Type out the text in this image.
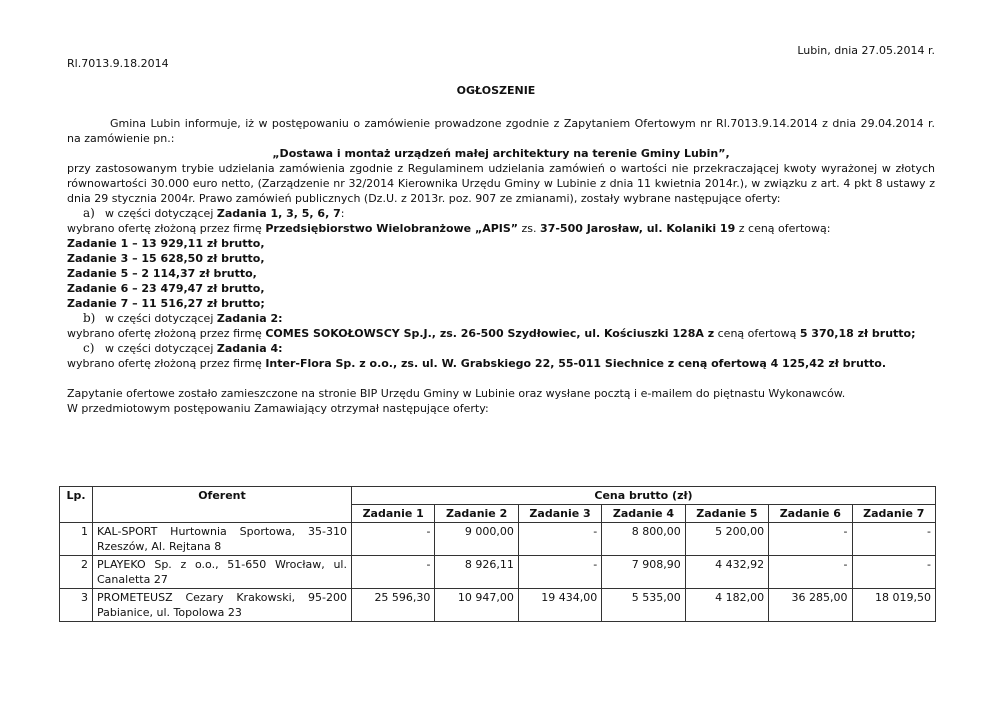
Rl.7013.9.18.2014
Lubin, dnia 27.05.2014 r.
OGŁOSZENIE

Gmina Lubin informuje, iż w postępowaniu o zamówienie prowadzone zgodnie z Zapytaniem Ofertowym nr Rl.7013.9.14.2014 z dnia 29.04.2014 r. na zamówienie pn.:

„Dostawa i montaż urządzeń małej architektury na terenie Gminy Lubin”,

przy zastosowanym trybie udzielania zamówienia zgodnie z Regulaminem udzielania zamówień o wartości nie przekraczającej kwoty wyrażonej w złotych równowartości 30.000 euro netto, (Zarządzenie nr 32/2014 Kierownika Urzędu Gminy w Lubinie z dnia 11 kwietnia 2014r.), w związku z art. 4 pkt 8 ustawy z dnia 29 stycznia 2004r. Prawo zamówień publicznych (Dz.U. z 2013r. poz. 907 ze zmianami), zostały wybrane następujące oferty:

a) w części dotyczącej Zadania 1, 3, 5, 6, 7:

wybrano ofertę złożoną przez firmę Przedsiębiorstwo Wielobranżowe „APIS” zs. 37-500 Jarosław, ul. Kolaniki 19 z ceną ofertową:

Zadanie 1 – 13 929,11 zł brutto,

Zadanie 3 – 15 628,50 zł brutto,

Zadanie 5 – 2 114,37 zł brutto,

Zadanie 6 – 23 479,47 zł brutto,

Zadanie 7 – 11 516,27 zł brutto;

b) w części dotyczącej Zadania 2:

wybrano ofertę złożoną przez firmę COMES SOKOŁOWSCY Sp.J., zs. 26-500 Szydłowiec, ul. Kościuszki 128A z ceną ofertową 5 370,18 zł brutto;

c) w części dotyczącej Zadania 4:

wybrano ofertę złożoną przez firmę Inter-Flora Sp. z o.o., zs. ul. W. Grabskiego 22, 55-011 Siechnice z ceną ofertową 4 125,42 zł brutto.

Zapytanie ofertowe zostało zamieszczone na stronie BIP Urzędu Gminy w Lubinie oraz wysłane pocztą i e-mailem do piętnastu Wykonawców.

W przedmiotowym postępowaniu Zamawiający otrzymał następujące oferty:

Lp.	Oferent	Cena brutto (zł)						
		Zadanie 1	Zadanie 2	Zadanie 3	Zadanie 4	Zadanie 5	Zadanie 6	Zadanie 7
1	KAL-SPORT Hurtownia Sportowa, 35-310
Rzeszów, Al. Rejtana 8	-	9 000,00	-	8 800,00	5 200,00	-	-
2	PLAYEKO Sp. z o.o., 51-650 Wrocław, ul.
Canaletta 27	-	8 926,11	-	7 908,90	4 432,92	-	-
3	PROMETEUSZ Cezary Krakowski, 95-200
Pabianice, ul. Topolowa 23	25 596,30	10 947,00	19 434,00	5 535,00	4 182,00	36 285,00	18 019,50
